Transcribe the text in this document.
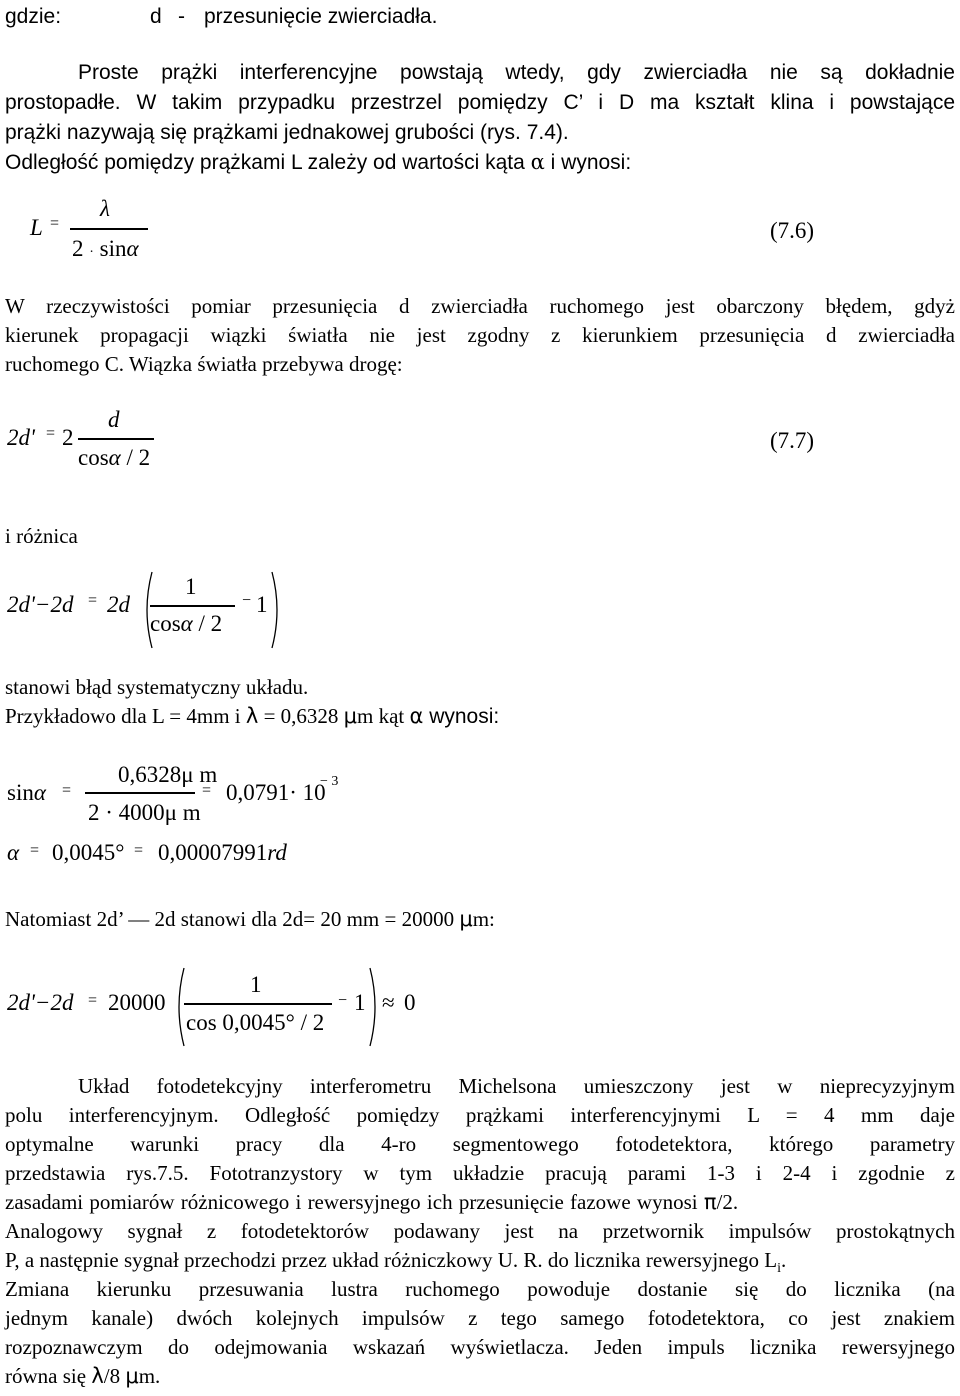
gdzie:	d - przesunięcie zwierciadła.
Proste prążki interferencyjne powstają wtedy, gdy zwierciadła nie są dokładnie
prostopadłe. W takim przypadku przestrzel pomiędzy C’ i D ma kształt klina i powstające
prążki nazywają się prążkami jednakowej grubości (rys. 7.4).
Odległość pomiędzy prążkami L zależy od wartości kąta α i wynosi:
L =
λ
2 · sinα
(7.6)
W rzeczywistości pomiar przesunięcia d zwierciadła ruchomego jest obarczony błędem, gdyż
kierunek propagacji wiązki światła nie jest zgodny z kierunkiem przesunięcia d zwierciadła
ruchomego C. Wiązka światła przebywa drogę:
2d' = 2
d
cosα / 2
(7.7)
i różnica
2d'−2d = 2d
1
cosα / 2
− 1
stanowi błąd systematyczny układu.
Przykładowo dla L = 4mm i λ = 0,6328 μm kąt α wynosi:
sinα =
0,6328μ m
2 · 4000μ m
= 0,0791· 10
− 3
α = 0,0045° = 0,00007991rd
Natomiast 2d’ — 2d stanowi dla 2d= 20 mm = 20000 μm:
2d'−2d = 20000
1
cos 0,0045° / 2
− 1 ≈ 0
Układ fotodetekcyjny interferometru Michelsona umieszczony jest w nieprecyzyjnym
polu interferencyjnym. Odległość pomiędzy prążkami interferencyjnymi L = 4 mm daje
optymalne warunki pracy dla 4-ro segmentowego fotodetektora, którego parametry
przedstawia rys.7.5. Fototranzystory w tym układzie pracują parami 1-3 i 2-4 i zgodnie z
zasadami pomiarów różnicowego i rewersyjnego ich przesunięcie fazowe wynosi π/2.
Analogowy sygnał z fotodetektorów podawany jest na przetwornik impulsów prostokątnych
P, a następnie sygnał przechodzi przez układ różniczkowy U. R. do licznika rewersyjnego $L_i$.
Zmiana kierunku przesuwania lustra ruchomego powoduje dostanie się do licznika (na
jednym kanale) dwóch kolejnych impulsów z tego samego fotodetektora, co jest znakiem
rozpoznawczym do odejmowania wskazań wyświetlacza. Jeden impuls licznika rewersyjnego
równa się λ/8 μm.
